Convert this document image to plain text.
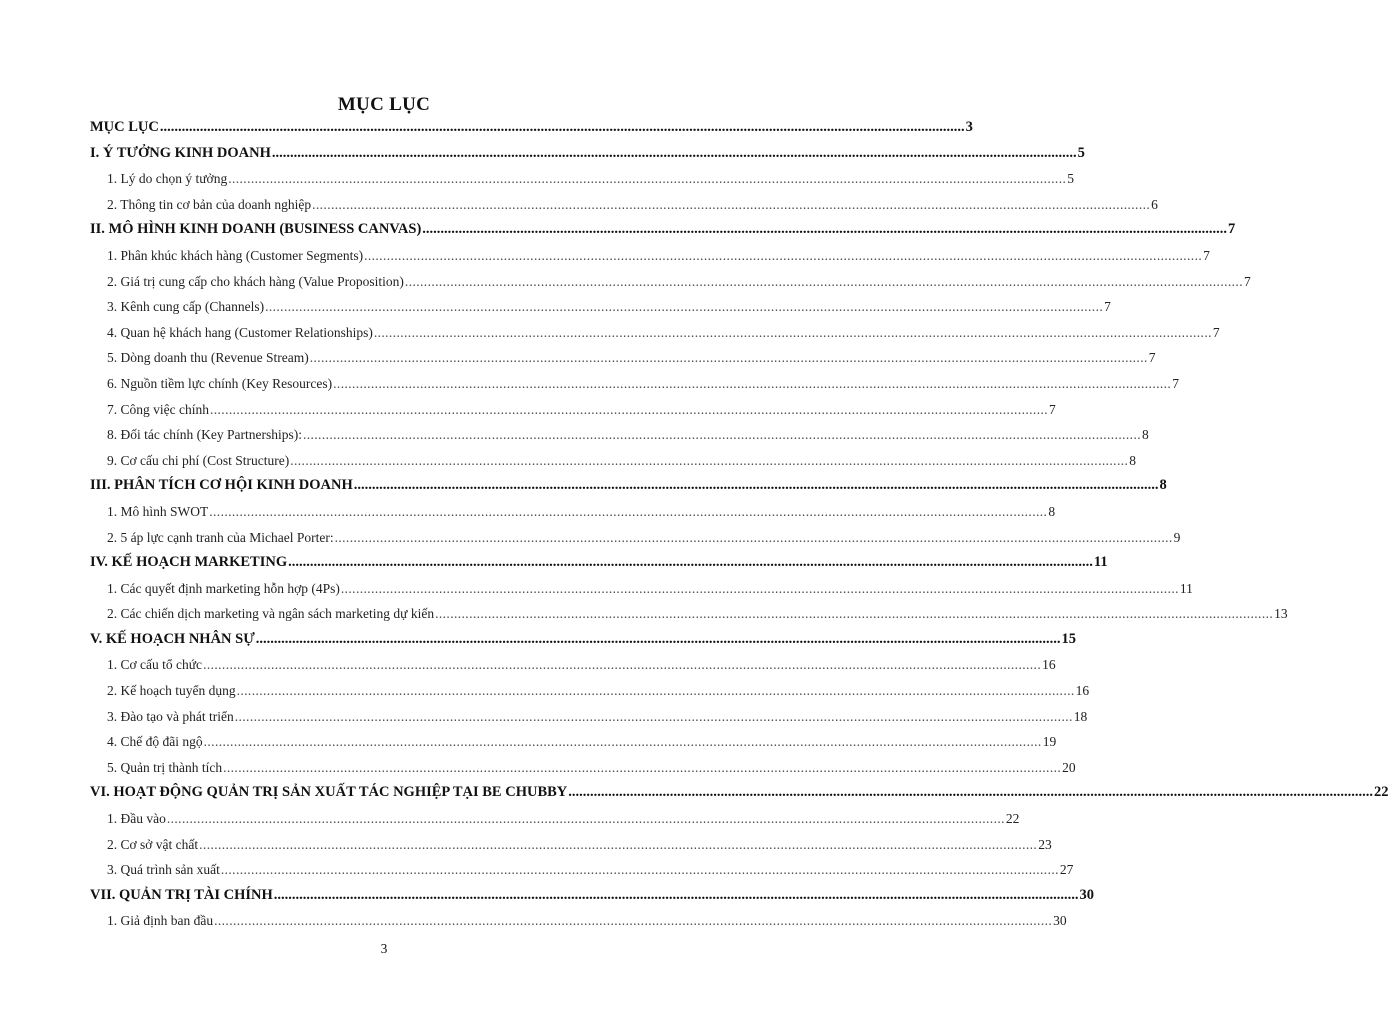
MỤC LỤC
MỤC LỤC .............................................................................................................................................................................................................................. 3
I. Ý TƯỞNG KINH DOANH .............................................................................................................................................................................................................................. 5
1. Lý do chọn ý tưởng .............................................................................................................................................................................................................................. 5
2. Thông tin cơ bản của doanh nghiệp .............................................................................................................................................................................................................................. 6
II. MÔ HÌNH KINH DOANH (BUSINESS CANVAS) .............................................................................................................................................................................................................................. 7
1. Phân khúc khách hàng (Customer Segments) .............................................................................................................................................................................................................................. 7
2. Giá trị cung cấp cho khách hàng (Value Proposition) .............................................................................................................................................................................................................................. 7
3. Kênh cung cấp (Channels) .............................................................................................................................................................................................................................. 7
4. Quan hệ khách hang (Customer Relationships) .............................................................................................................................................................................................................................. 7
5. Dòng doanh thu (Revenue Stream) .............................................................................................................................................................................................................................. 7
6. Nguồn tiềm lực chính (Key Resources) .............................................................................................................................................................................................................................. 7
7. Công việc chính .............................................................................................................................................................................................................................. 7
8. Đối tác chính (Key Partnerships): .............................................................................................................................................................................................................................. 8
9. Cơ cấu chi phí (Cost Structure) .............................................................................................................................................................................................................................. 8
III. PHÂN TÍCH CƠ HỘI KINH DOANH .............................................................................................................................................................................................................................. 8
1. Mô hình SWOT .............................................................................................................................................................................................................................. 8
2. 5 áp lực cạnh tranh của Michael Porter: .............................................................................................................................................................................................................................. 9
IV. KẾ HOẠCH MARKETING .............................................................................................................................................................................................................................. 11
1. Các quyết định marketing hỗn hợp (4Ps) .............................................................................................................................................................................................................................. 11
2. Các chiến dịch marketing và ngân sách marketing dự kiến .............................................................................................................................................................................................................................. 13
V. KẾ HOẠCH NHÂN SỰ .............................................................................................................................................................................................................................. 15
1. Cơ cấu tổ chức .............................................................................................................................................................................................................................. 16
2. Kế hoạch tuyển dụng .............................................................................................................................................................................................................................. 16
3. Đào tạo và phát triển .............................................................................................................................................................................................................................. 18
4. Chế độ đãi ngộ .............................................................................................................................................................................................................................. 19
5. Quản trị thành tích .............................................................................................................................................................................................................................. 20
VI. HOẠT ĐỘNG QUẢN TRỊ SẢN XUẤT TÁC NGHIỆP TẠI BE CHUBBY .............................................................................................................................................................................................................................. 22
1. Đầu vào .............................................................................................................................................................................................................................. 22
2. Cơ sở vật chất .............................................................................................................................................................................................................................. 23
3. Quá trình sản xuất .............................................................................................................................................................................................................................. 27
VII. QUẢN TRỊ TÀI CHÍNH .............................................................................................................................................................................................................................. 30
1. Giả định ban đầu .............................................................................................................................................................................................................................. 30
3
